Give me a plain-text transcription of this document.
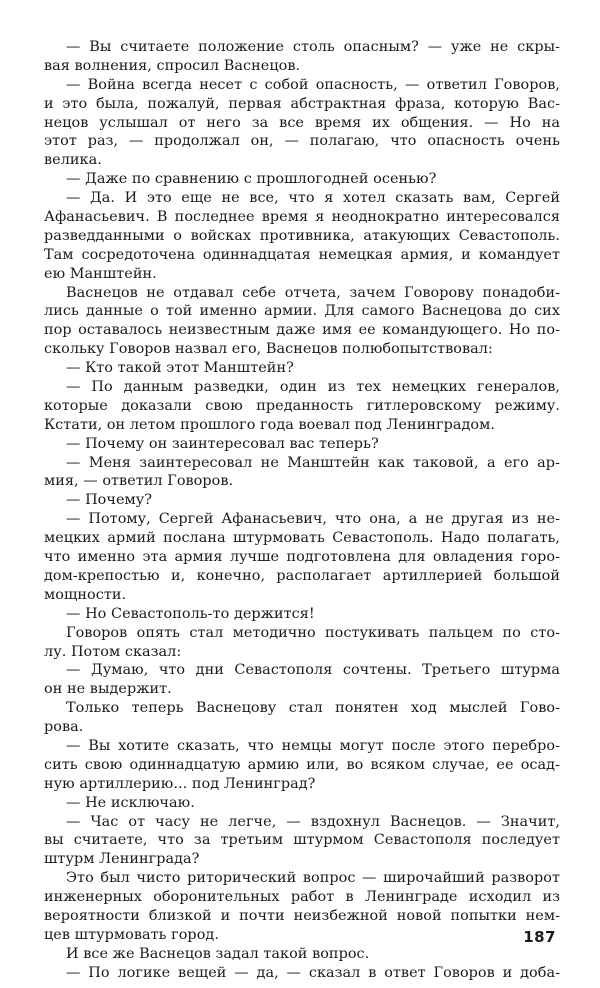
— Вы считаете положение столь опасным? — уже не скры-
вая волнения, спросил Васнецов.
— Война всегда несет с собой опасность, — ответил Говоров,
и это была, пожалуй, первая абстрактная фраза, которую Вас-
нецов услышал от него за все время их общения. — Но на
этот раз, — продолжал он, — полагаю, что опасность очень
велика.
— Даже по сравнению с прошлогодней осенью?
— Да. И это еще не все, что я хотел сказать вам, Сергей
Афанасьевич. В последнее время я неоднократно интересовался
разведданными о войсках противника, атакующих Севастополь.
Там сосредоточена одиннадцатая немецкая армия, и командует
ею Манштейн.
Васнецов не отдавал себе отчета, зачем Говорову понадоби-
лись данные о той именно армии. Для самого Васнецова до сих
пор оставалось неизвестным даже имя ее командующего. Но по-
скольку Говоров назвал его, Васнецов полюбопытствовал:
— Кто такой этот Манштейн?
— По данным разведки, один из тех немецких генералов,
которые доказали свою преданность гитлеровскому режиму.
Кстати, он летом прошлого года воевал под Ленинградом.
— Почему он заинтересовал вас теперь?
— Меня заинтересовал не Манштейн как таковой, а его ар-
мия, — ответил Говоров.
— Почему?
— Потому, Сергей Афанасьевич, что она, а не другая из не-
мецких армий послана штурмовать Севастополь. Надо полагать,
что именно эта армия лучше подготовлена для овладения горо-
дом-крепостью и, конечно, располагает артиллерией большой
мощности.
— Но Севастополь-то держится!
Говоров опять стал методично постукивать пальцем по сто-
лу. Потом сказал:
— Думаю, что дни Севастополя сочтены. Третьего штурма
он не выдержит.
Только теперь Васнецову стал понятен ход мыслей Гово-
рова.
— Вы хотите сказать, что немцы могут после этого перебро-
сить свою одиннадцатую армию или, во всяком случае, ее осад-
ную артиллерию... под Ленинград?
— Не исключаю.
— Час от часу не легче, — вздохнул Васнецов. — Значит,
вы считаете, что за третьим штурмом Севастополя последует
штурм Ленинграда?
Это был чисто риторический вопрос — широчайший разворот
инженерных оборонительных работ в Ленинграде исходил из
вероятности близкой и почти неизбежной новой попытки нем-
цев штурмовать город.
И все же Васнецов задал такой вопрос.
— По логике вещей — да, — сказал в ответ Говоров и доба-
187
